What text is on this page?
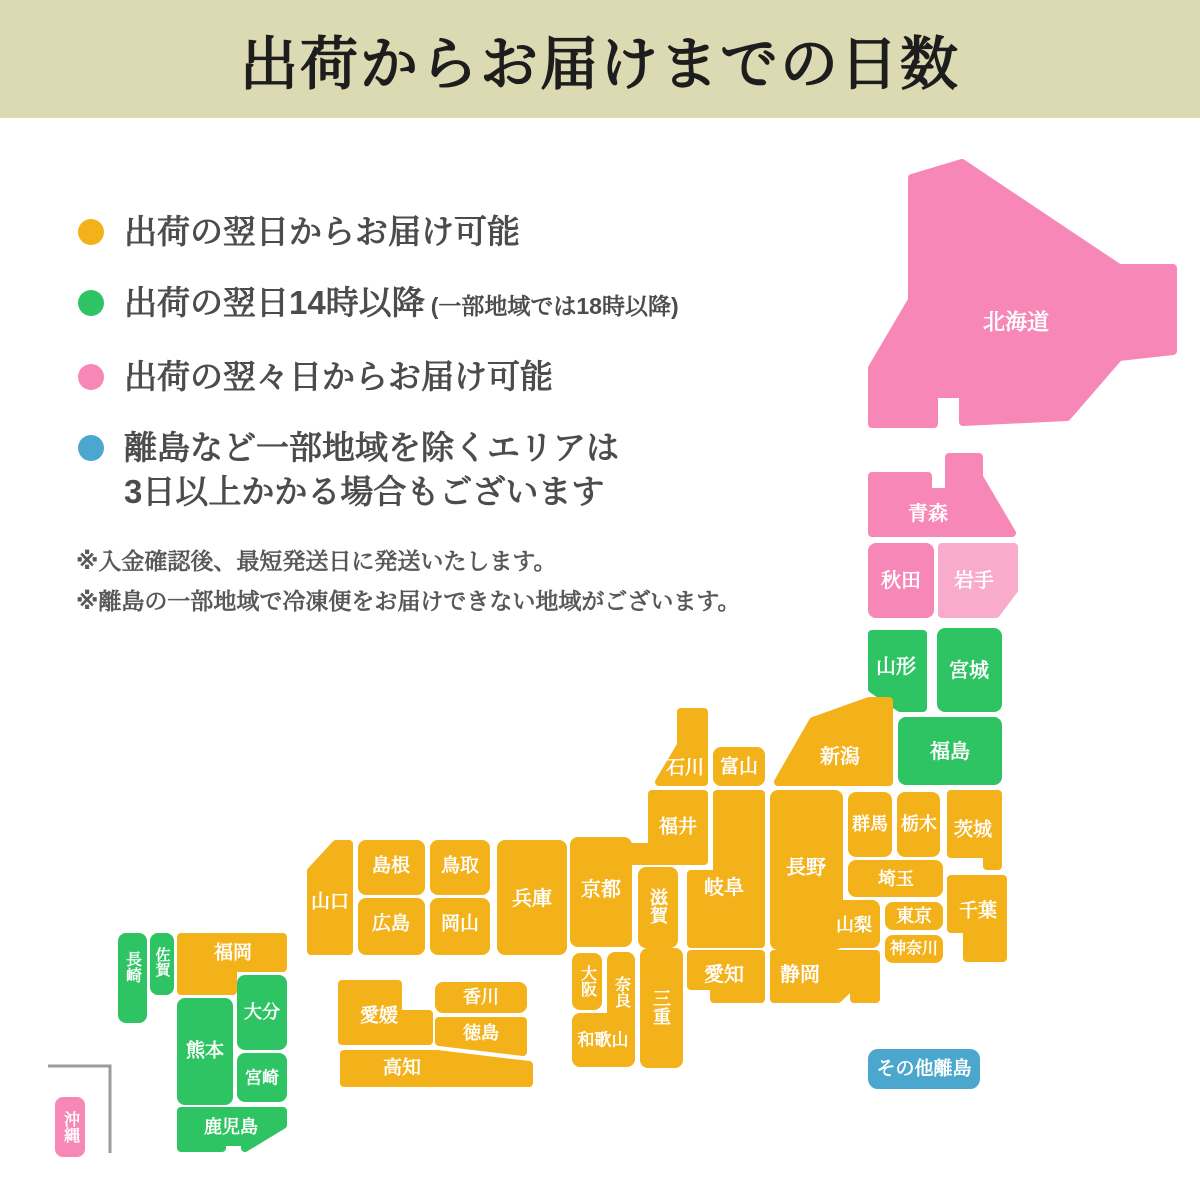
出荷からお届けまでの日数
出荷の翌日からお届け可能
出荷の翌日14時以降 (一部地域では18時以降)
出荷の翌々日からお届け可能
離島など一部地域を除くエリアは
3日以上かかる場合もございます
※入金確認後、最短発送日に発送いたします。
※離島の一部地域で冷凍便をお届けできない地域がございます。
北海道
青森
秋田 岩手
山形 宮城
福島
新潟
石川 富山
福井
長野
岐阜
山梨
静岡
愛知
群馬 栃木 茨城
埼玉
東京
神奈川
千葉
滋賀
京都
兵庫
大阪 奈良 三重
和歌山
鳥取
岡山
島根
広島
山口
愛媛
香川
徳島
高知
福岡
長崎 佐賀
大分
熊本
宮崎
鹿児島
沖縄
その他離島
